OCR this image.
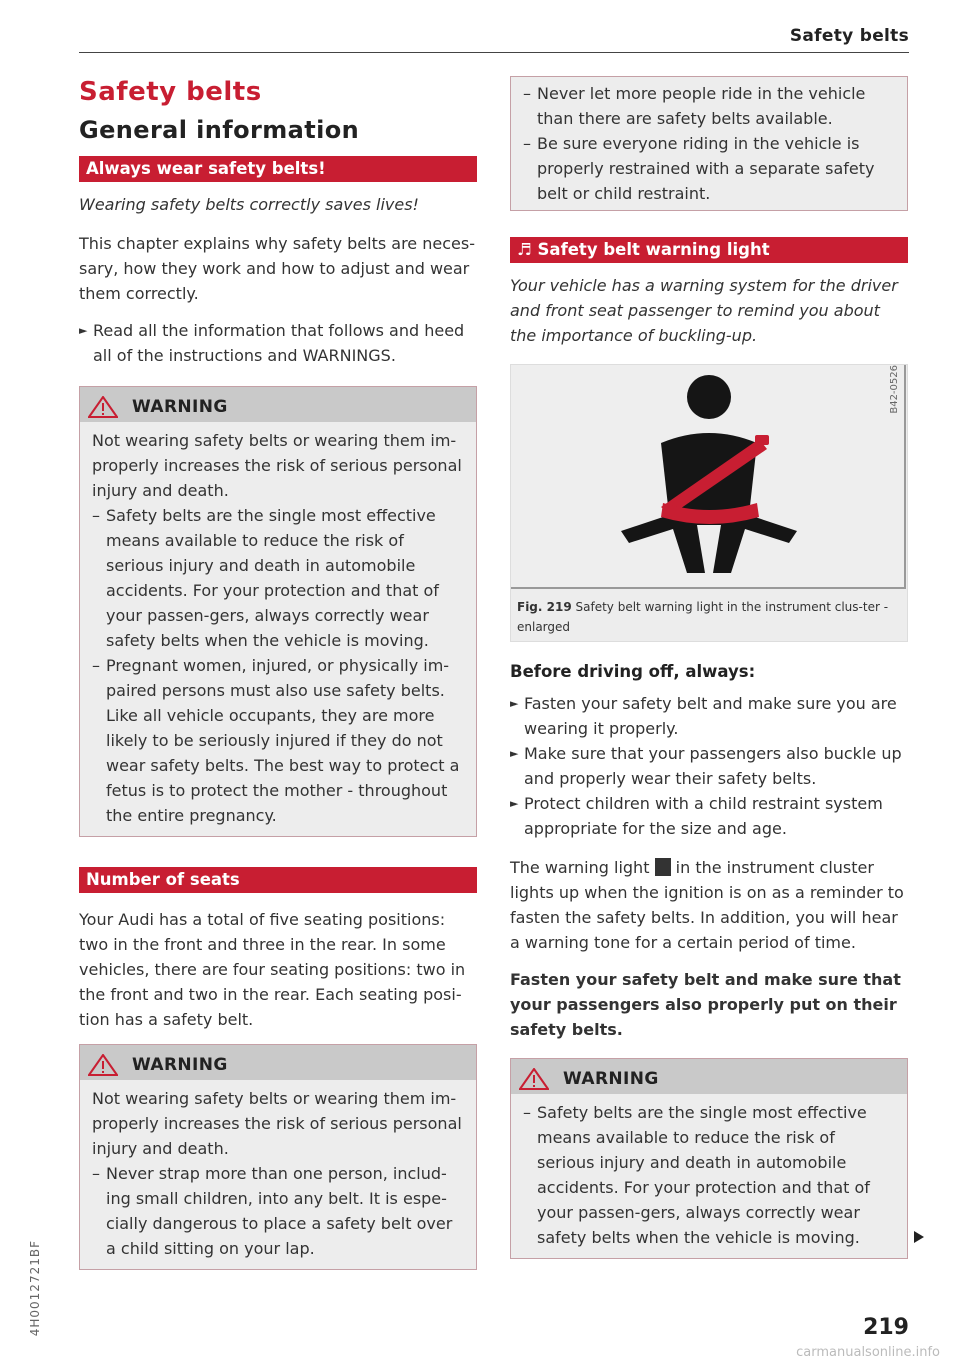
Safety belts
Safety belts
General information
Always wear safety belts!
Wearing safety belts correctly saves lives!

This chapter explains why safety belts are neces-sary, how they work and how to adjust and wear them correctly.

► Read all the information that follows and heed all of the instructions and WARNINGS.
WARNING
Not wearing safety belts or wearing them im-properly increases the risk of serious personal injury and death.
– Safety belts are the single most effective means available to reduce the risk of serious injury and death in automobile accidents. For your protection and that of your passen-gers, always correctly wear safety belts when the vehicle is moving.
– Pregnant women, injured, or physically im-paired persons must also use safety belts. Like all vehicle occupants, they are more likely to be seriously injured if they do not wear safety belts. The best way to protect a fetus is to protect the mother - throughout the entire pregnancy.
Number of seats

Your Audi has a total of five seating positions: two in the front and three in the rear. In some vehicles, there are four seating positions: two in the front and two in the rear. Each seating posi-tion has a safety belt.

WARNING
Not wearing safety belts or wearing them im-properly increases the risk of serious personal injury and death.
– Never strap more than one person, includ-ing small children, into any belt. It is espe-cially dangerous to place a safety belt over a child sitting on your lap.
– Never let more people ride in the vehicle than there are safety belts available.
– Be sure everyone riding in the vehicle is properly restrained with a separate safety belt or child restraint.
♬ Safety belt warning light
Your vehicle has a warning system for the driver and front seat passenger to remind you about the importance of buckling-up.
B42-0526
Fig. 219 Safety belt warning light in the instrument clus-ter - enlarged
Before driving off, always:
► Fasten your safety belt and make sure you are wearing it properly.
► Make sure that your passengers also buckle up and properly wear their safety belts.
► Protect children with a child restraint system appropriate for the size and age.

The warning light in the instrument cluster lights up when the ignition is on as a reminder to fasten the safety belts. In addition, you will hear a warning tone for a certain period of time.

Fasten your safety belt and make sure that your passengers also properly put on their safety belts.

WARNING
– Safety belts are the single most effective means available to reduce the risk of serious injury and death in automobile accidents. For your protection and that of your passen-gers, always correctly wear safety belts when the vehicle is moving.
4H0012721BF	219
carmanualsonline.info
